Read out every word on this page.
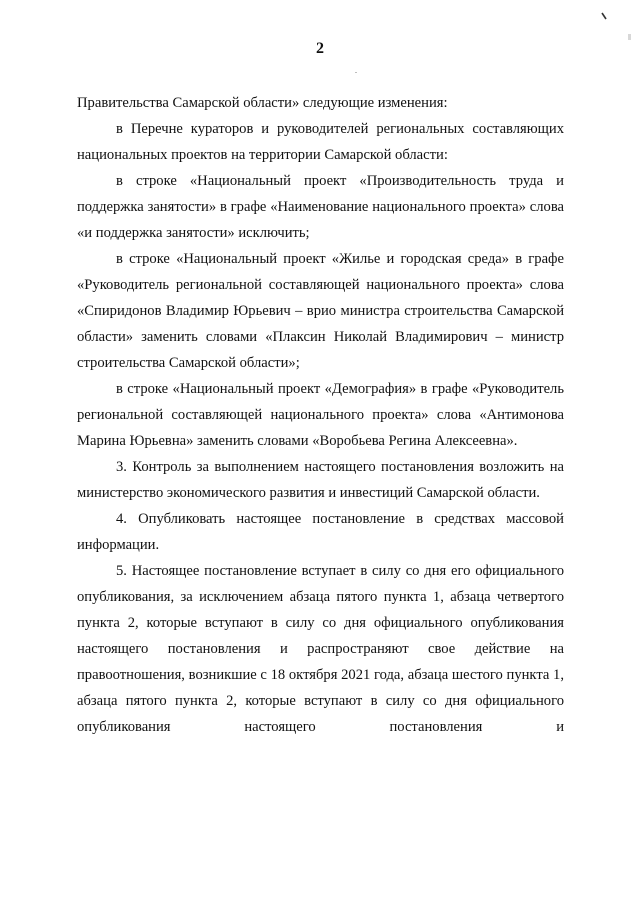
2

Правительства Самарской области» следующие изменения:

в Перечне кураторов и руководителей региональных составляющих национальных проектов на территории Самарской области:

в строке «Национальный проект «Производительность труда и поддержка занятости» в графе «Наименование национального проекта» слова «и поддержка занятости» исключить;

в строке «Национальный проект «Жилье и городская среда» в графе «Руководитель региональной составляющей национального проекта» слова «Спиридонов Владимир Юрьевич – врио министра строительства Самарской области» заменить словами «Плаксин Николай Владимирович – министр строительства Самарской области»;

в строке «Национальный проект «Демография» в графе «Руководитель региональной составляющей национального проекта» слова «Антимонова Марина Юрьевна» заменить словами «Воробьева Регина Алексеевна».

3. Контроль за выполнением настоящего постановления возложить на министерство экономического развития и инвестиций Самарской области.

4. Опубликовать настоящее постановление в средствах массовой информации.

5. Настоящее постановление вступает в силу со дня его официального опубликования, за исключением абзаца пятого пункта 1, абзаца четвертого пункта 2, которые вступают в силу со дня официального опубликования настоящего постановления и распространяют свое действие на правоотношения, возникшие с 18 октября 2021 года, абзаца шестого пункта 1, абзаца пятого пункта 2, которые вступают в силу со дня официального опубликования настоящего постановления и
